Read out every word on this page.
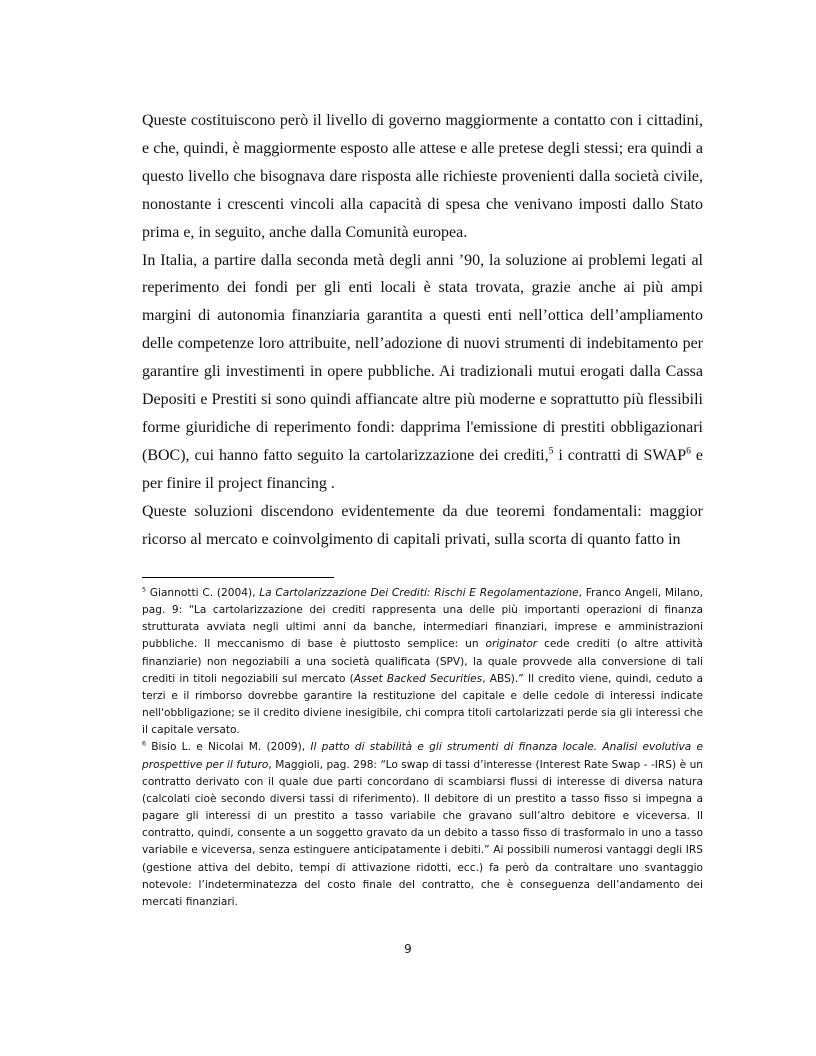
Queste costituiscono però il livello di governo maggiormente a contatto con i cittadini, e che, quindi, è maggiormente esposto alle attese e alle pretese degli stessi; era quindi a questo livello che bisognava dare risposta alle richieste provenienti dalla società civile, nonostante i crescenti vincoli alla capacità di spesa che venivano imposti dallo Stato prima e, in seguito, anche dalla Comunità europea.

In Italia, a partire dalla seconda metà degli anni ’90, la soluzione ai problemi legati al reperimento dei fondi per gli enti locali è stata trovata, grazie anche ai più ampi margini di autonomia finanziaria garantita a questi enti nell’ottica dell’ampliamento delle competenze loro attribuite, nell’adozione di nuovi strumenti di indebitamento per garantire gli investimenti in opere pubbliche. Ai tradizionali mutui erogati dalla Cassa Depositi e Prestiti si sono quindi affiancate altre più moderne e soprattutto più flessibili forme giuridiche di reperimento fondi: dapprima l'emissione di prestiti obbligazionari (BOC), cui hanno fatto seguito la cartolarizzazione dei crediti,$^5$ i contratti di SWAP$^6$ e per finire il project financing .

Queste soluzioni discendono evidentemente da due teoremi fondamentali: maggior ricorso al mercato e coinvolgimento di capitali privati, sulla scorta di quanto fatto in

$^5$ Giannotti C. (2004), La Cartolarizzazione Dei Crediti: Rischi E Regolamentazione, Franco Angeli, Milano, pag. 9: “La cartolarizzazione dei crediti rappresenta una delle più importanti operazioni di finanza strutturata avviata negli ultimi anni da banche, intermediari finanziari, imprese e amministrazioni pubbliche. Il meccanismo di base è piuttosto semplice: un originator cede crediti (o altre attività finanziarie) non negoziabili a una società qualificata (SPV), la quale provvede alla conversione di tali crediti in titoli negoziabili sul mercato (Asset Backed Securities, ABS).” Il credito viene, quindi, ceduto a terzi e il rimborso dovrebbe garantire la restituzione del capitale e delle cedole di interessi indicate nell'obbligazione; se il credito diviene inesigibile, chi compra titoli cartolarizzati perde sia gli interessi che il capitale versato.

$^6$ Bisio L. e Nicolai M. (2009), Il patto di stabilità e gli strumenti di finanza locale. Analisi evolutiva e prospettive per il futuro, Maggioli, pag. 298: “Lo swap di tassi d’interesse (Interest Rate Swap - -IRS) è un contratto derivato con il quale due parti concordano di scambiarsi flussi di interesse di diversa natura (calcolati cioè secondo diversi tassi di riferimento). Il debitore di un prestito a tasso fisso si impegna a pagare gli interessi di un prestito a tasso variabile che gravano sull’altro debitore e viceversa. Il contratto, quindi, consente a un soggetto gravato da un debito a tasso fisso di trasformalo in uno a tasso variabile e viceversa, senza estinguere anticipatamente i debiti.” Ai possibili numerosi vantaggi degli IRS (gestione attiva del debito, tempi di attivazione ridotti, ecc.) fa però da contraltare uno svantaggio notevole: l’indeterminatezza del costo finale del contratto, che è conseguenza dell’andamento dei mercati finanziari.

9
